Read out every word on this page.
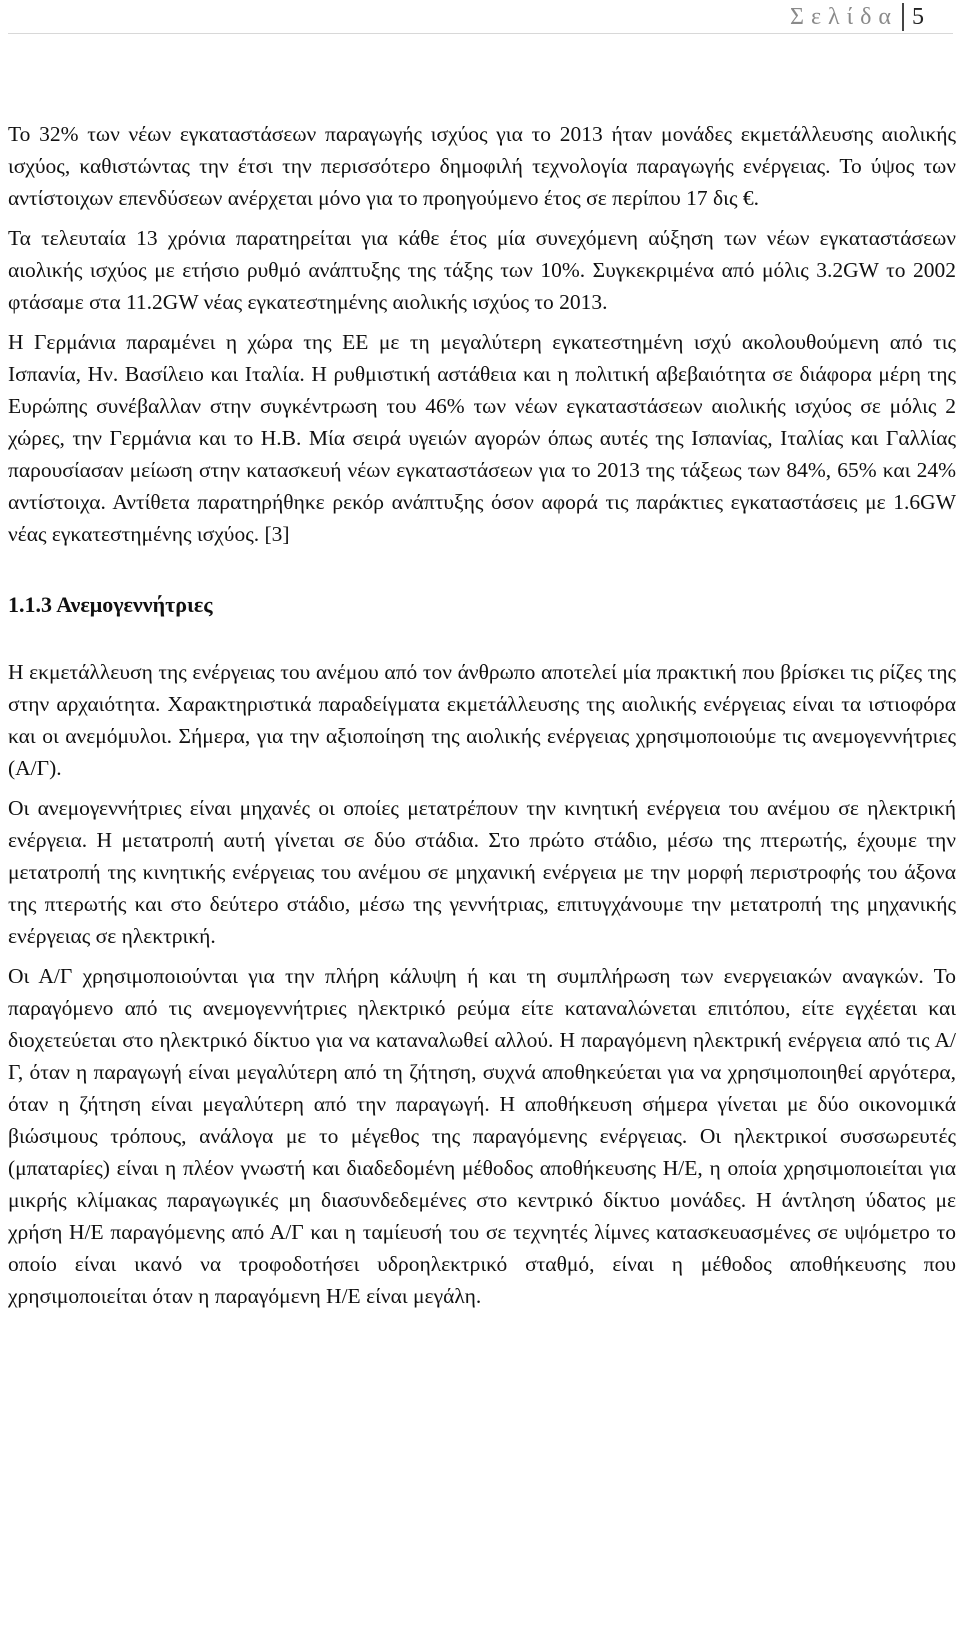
Σελίδα 5

Το 32% των νέων εγκαταστάσεων παραγωγής ισχύος για το 2013 ήταν μονάδες εκμετάλλευσης αιολικής ισχύος, καθιστώντας την έτσι την περισσότερο δημοφιλή τεχνολογία παραγωγής ενέργειας. Το ύψος των αντίστοιχων επενδύσεων ανέρχεται μόνο για το προηγούμενο έτος σε περίπου 17 δις €.

Τα τελευταία 13 χρόνια παρατηρείται για κάθε έτος μία συνεχόμενη αύξηση των νέων εγκαταστάσεων αιολικής ισχύος με ετήσιο ρυθμό ανάπτυξης της τάξης των 10%. Συγκεκριμένα από μόλις 3.2GW το 2002 φτάσαμε στα 11.2GW νέας εγκατεστημένης αιολικής ισχύος το 2013.

Η Γερμάνια παραμένει η χώρα της ΕΕ με τη μεγαλύτερη εγκατεστημένη ισχύ ακολουθούμενη από τις Ισπανία, Ην. Βασίλειο και Ιταλία. Η ρυθμιστική αστάθεια και η πολιτική αβεβαιότητα σε διάφορα μέρη της Ευρώπης συνέβαλλαν στην συγκέντρωση του 46% των νέων εγκαταστάσεων αιολικής ισχύος σε μόλις 2 χώρες, την Γερμάνια και το Η.Β. Μία σειρά υγειών αγορών όπως αυτές της Ισπανίας, Ιταλίας και Γαλλίας παρουσίασαν μείωση στην κατασκευή νέων εγκαταστάσεων για το 2013 της τάξεως των 84%, 65% και 24% αντίστοιχα. Αντίθετα παρατηρήθηκε ρεκόρ ανάπτυξης όσον αφορά τις παράκτιες εγκαταστάσεις με 1.6GW νέας εγκατεστημένης ισχύος. [3]

1.1.3 Ανεμογεννήτριες

Η εκμετάλλευση της ενέργειας του ανέμου από τον άνθρωπο αποτελεί μία πρακτική που βρίσκει τις ρίζες της στην αρχαιότητα. Χαρακτηριστικά παραδείγματα εκμετάλλευσης της αιολικής ενέργειας είναι τα ιστιοφόρα και οι ανεμόμυλοι. Σήμερα, για την αξιοποίηση της αιολικής ενέργειας χρησιμοποιούμε τις ανεμογεννήτριες (Α/Γ).

Οι ανεμογεννήτριες είναι μηχανές οι οποίες μετατρέπουν την κινητική ενέργεια του ανέμου σε ηλεκτρική ενέργεια. Η μετατροπή αυτή γίνεται σε δύο στάδια. Στο πρώτο στάδιο, μέσω της πτερωτής, έχουμε την μετατροπή της κινητικής ενέργειας του ανέμου σε μηχανική ενέργεια με την μορφή περιστροφής του άξονα της πτερωτής και στο δεύτερο στάδιο, μέσω της γεννήτριας, επιτυγχάνουμε την μετατροπή της μηχανικής ενέργειας σε ηλεκτρική.

Οι Α/Γ χρησιμοποιούνται για την πλήρη κάλυψη ή και τη συμπλήρωση των ενεργειακών αναγκών. Το παραγόμενο από τις ανεμογεννήτριες ηλεκτρικό ρεύμα είτε καταναλώνεται επιτόπου, είτε εγχέεται και διοχετεύεται στο ηλεκτρικό δίκτυο για να καταναλωθεί αλλού. Η παραγόμενη ηλεκτρική ενέργεια από τις Α/Γ, όταν η παραγωγή είναι μεγαλύτερη από τη ζήτηση, συχνά αποθηκεύεται για να χρησιμοποιηθεί αργότερα, όταν η ζήτηση είναι μεγαλύτερη από την παραγωγή. Η αποθήκευση σήμερα γίνεται με δύο οικονομικά βιώσιμους τρόπους, ανάλογα με το μέγεθος της παραγόμενης ενέργειας. Οι ηλεκτρικοί συσσωρευτές (μπαταρίες) είναι η πλέον γνωστή και διαδεδομένη μέθοδος αποθήκευσης Η/Ε, η οποία χρησιμοποιείται για μικρής κλίμακας παραγωγικές μη διασυνδεδεμένες στο κεντρικό δίκτυο μονάδες. Η άντληση ύδατος με χρήση Η/Ε παραγόμενης από Α/Γ και η ταμίευσή του σε τεχνητές λίμνες κατασκευασμένες σε υψόμετρο το οποίο είναι ικανό να τροφοδοτήσει υδροηλεκτρικό σταθμό, είναι η μέθοδος αποθήκευσης που χρησιμοποιείται όταν η παραγόμενη Η/Ε είναι μεγάλη.
